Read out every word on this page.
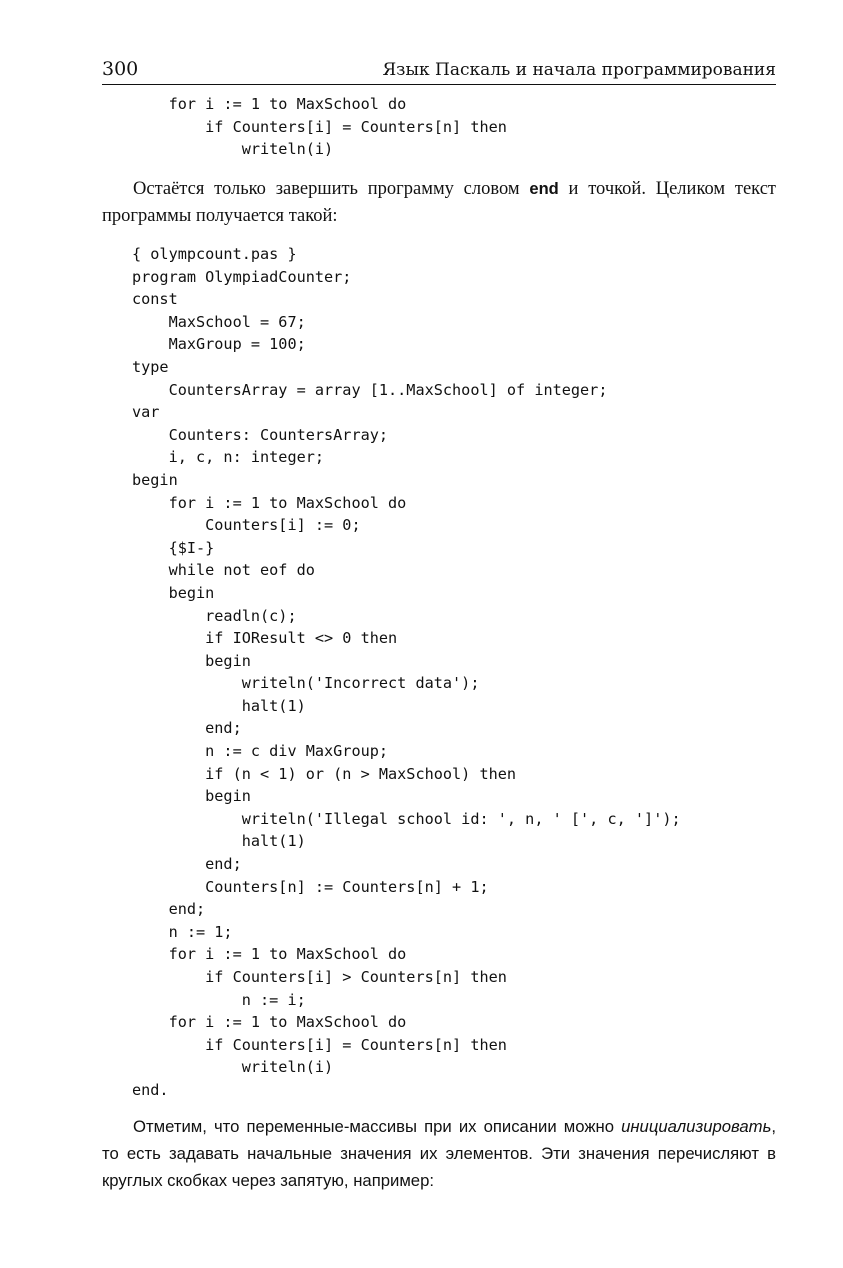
300	Язык Паскаль и начала программирования
for i := 1 to MaxSchool do
if Counters[i] = Counters[n] then
writeln(i)

Остаётся только завершить программу словом end и точкой. Целиком текст программы получается такой:

{ olympcount.pas }
program OlympiadCounter;
const
MaxSchool = 67;
MaxGroup = 100;
type
CountersArray = array [1..MaxSchool] of integer;
var
Counters: CountersArray;
i, c, n: integer;
begin
for i := 1 to MaxSchool do
Counters[i] := 0;
{$I-}
while not eof do
begin
readln(c);
if IOResult <> 0 then
begin
writeln('Incorrect data');
halt(1)
end;
n := c div MaxGroup;
if (n < 1) or (n > MaxSchool) then
begin
writeln('Illegal school id: ', n, ' [', c, ']');
halt(1)
end;
Counters[n] := Counters[n] + 1;
end;
n := 1;
for i := 1 to MaxSchool do
if Counters[i] > Counters[n] then
n := i;
for i := 1 to MaxSchool do
if Counters[i] = Counters[n] then
writeln(i)
end.

Отметим, что переменные-массивы при их описании можно инициализировать, то есть задавать начальные значения их элементов. Эти значения перечисляют в круглых скобках через запятую, например:
